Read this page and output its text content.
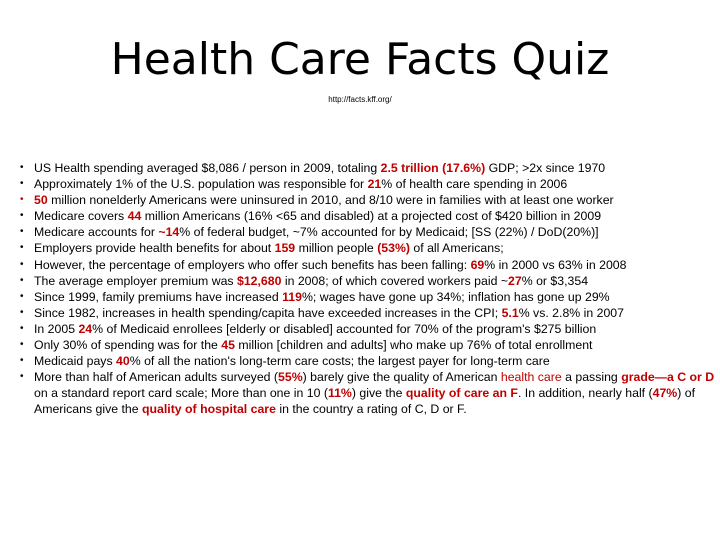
Health Care Facts Quiz
http://facts.kff.org/
• US Health spending averaged $8,086 / person in 2009, totaling 2.5 trillion (17.6%) GDP; >2x since 1970
• Approximately 1% of the U.S. population was responsible for 21% of health care spending in 2006
• 50 million nonelderly Americans were uninsured in 2010, and 8/10 were in families with at least one worker
• Medicare covers 44 million Americans (16% <65 and disabled) at a projected cost of $420 billion in 2009
• Medicare accounts for ~14% of federal budget, ~7% accounted for by Medicaid; [SS (22%) / DoD(20%)]
• Employers provide health benefits for about 159 million people (53%) of all Americans;
• However, the percentage of employers who offer such benefits has been falling: 69% in 2000 vs 63% in 2008
• The average employer premium was $12,680 in 2008; of which covered workers paid ~27% or $3,354
• Since 1999, family premiums have increased 119%; wages have gone up 34%; inflation has gone up 29%
• Since 1982, increases in health spending/capita have exceeded increases in the CPI; 5.1% vs. 2.8% in 2007
• In 2005 24% of Medicaid enrollees [elderly or disabled] accounted for 70% of the program's $275 billion
• Only 30% of spending was for the 45 million [children and adults] who make up 76% of total enrollment
• Medicaid pays 40% of all the nation's long-term care costs; the largest payer for long-term care
• More than half of American adults surveyed (55%) barely give the quality of American health care a passing grade—a C or D on a standard report card scale; More than one in 10 (11%) give the quality of care an F. In addition, nearly half (47%) of Americans give the quality of hospital care in the country a rating of C, D or F.
